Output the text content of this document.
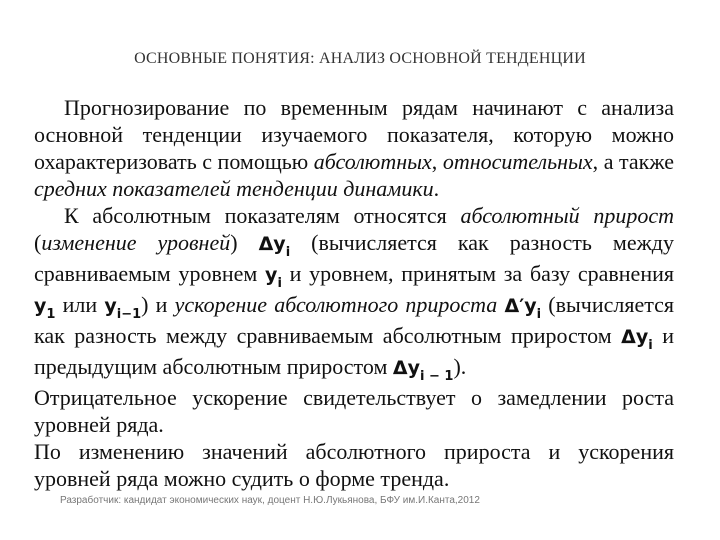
ОСНОВНЫЕ ПОНЯТИЯ: АНАЛИЗ ОСНОВНОЙ ТЕНДЕНЦИИ

Прогнозирование по временным рядам начинают с анализа основной тенденции изучаемого показателя, которую можно охарактеризовать с помощью абсолютных, относительных, а также средних показателей тенденции динамики.

К абсолютным показателям относятся абсолютный прирост (изменение уровней) $\Delta y_i$ (вычисляется как разность между сравниваемым уровнем $y_i$ и уровнем, принятым за базу сравнения $y_1$ или $y_{i-1}$) и ускорение абсолютного прироста $\Delta'y_i$ (вычисляется как разность между сравниваемым абсолютным приростом $\Delta y_i$ и предыдущим абсолютным приростом $\Delta y_{i - 1}$).

Отрицательное ускорение свидетельствует о замедлении роста уровней ряда.

По изменению значений абсолютного прироста и ускорения уровней ряда можно судить о форме тренда.

Разработчик: кандидат экономических наук, доцент Н.Ю.Лукьянова, БФУ им.И.Канта,2012
